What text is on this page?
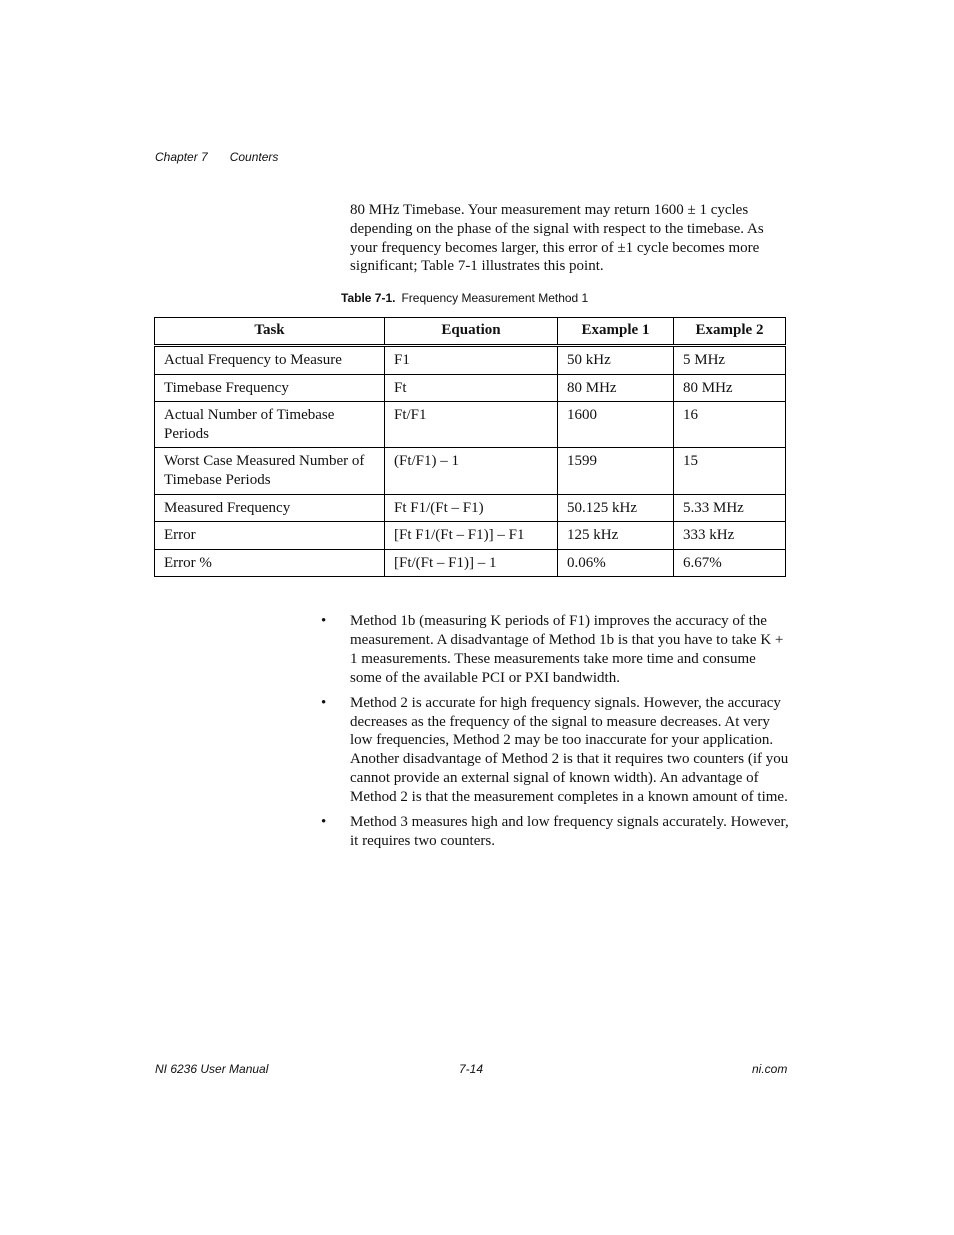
Chapter 7 Counters

80 MHz Timebase. Your measurement may return 1600 ± 1 cycles depending on the phase of the signal with respect to the timebase. As your frequency becomes larger, this error of ±1 cycle becomes more significant; Table 7-1 illustrates this point.

Table 7-1. Frequency Measurement Method 1
Task	Equation	Example 1	Example 2
Actual Frequency to Measure	F1	50 kHz	5 MHz
Timebase Frequency	Ft	80 MHz	80 MHz
Actual Number of Timebase Periods	Ft/F1	1600	16
Worst Case Measured Number of Timebase Periods	(Ft/F1) – 1	1599	15
Measured Frequency	Ft F1/(Ft – F1)	50.125 kHz	5.33 MHz
Error	[Ft F1/(Ft – F1)] – F1	125 kHz	333 kHz
Error %	[Ft/(Ft – F1)] – 1	0.06%	6.67%
• Method 1b (measuring K periods of F1) improves the accuracy of the measurement. A disadvantage of Method 1b is that you have to take K + 1 measurements. These measurements take more time and consume some of the available PCI or PXI bandwidth.
• Method 2 is accurate for high frequency signals. However, the accuracy decreases as the frequency of the signal to measure decreases. At very low frequencies, Method 2 may be too inaccurate for your application. Another disadvantage of Method 2 is that it requires two counters (if you cannot provide an external signal of known width). An advantage of Method 2 is that the measurement completes in a known amount of time.
• Method 3 measures high and low frequency signals accurately. However, it requires two counters.
NI 6236 User Manual	7-14	ni.com
